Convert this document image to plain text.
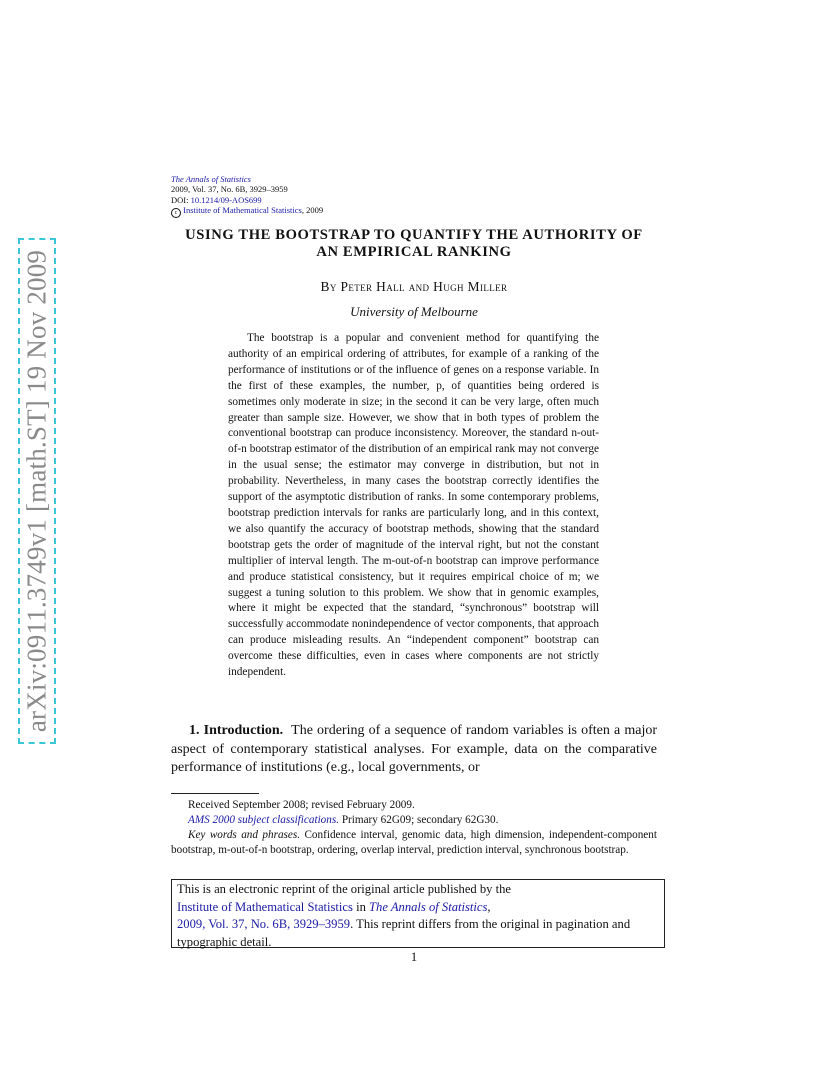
arXiv:0911.3749v1 [math.ST] 19 Nov 2009
The Annals of Statistics
2009, Vol. 37, No. 6B, 3929–3959
DOI: 10.1214/09-AOS699
c Institute of Mathematical Statistics, 2009
USING THE BOOTSTRAP TO QUANTIFY THE AUTHORITY OF
AN EMPIRICAL RANKING
By Peter Hall and Hugh Miller
University of Melbourne

The bootstrap is a popular and convenient method for quantifying the authority of an empirical ordering of attributes, for example of a ranking of the performance of institutions or of the influence of genes on a response variable. In the first of these examples, the number, p, of quantities being ordered is sometimes only moderate in size; in the second it can be very large, often much greater than sample size. However, we show that in both types of problem the conventional bootstrap can produce inconsistency. Moreover, the standard n-out-of-n bootstrap estimator of the distribution of an empirical rank may not converge in the usual sense; the estimator may converge in distribution, but not in probability. Nevertheless, in many cases the bootstrap correctly identifies the support of the asymptotic distribution of ranks. In some contemporary problems, bootstrap prediction intervals for ranks are particularly long, and in this context, we also quantify the accuracy of bootstrap methods, showing that the standard bootstrap gets the order of magnitude of the interval right, but not the constant multiplier of interval length. The m-out-of-n bootstrap can improve performance and produce statistical consistency, but it requires empirical choice of m; we suggest a tuning solution to this problem. We show that in genomic examples, where it might be expected that the standard, “synchronous” bootstrap will successfully accommodate nonindependence of vector components, that approach can produce misleading results. An “independent component” bootstrap can overcome these difficulties, even in cases where components are not strictly independent.

1. Introduction. The ordering of a sequence of random variables is often a major aspect of contemporary statistical analyses. For example, data on the comparative performance of institutions (e.g., local governments, or

Received September 2008; revised February 2009.

AMS 2000 subject classifications. Primary 62G09; secondary 62G30.

Key words and phrases. Confidence interval, genomic data, high dimension, independent-component bootstrap, m-out-of-n bootstrap, ordering, overlap interval, prediction interval, synchronous bootstrap.

This is an electronic reprint of the original article published by the
Institute of Mathematical Statistics in The Annals of Statistics,
2009, Vol. 37, No. 6B, 3929–3959. This reprint differs from the original in pagination and typographic detail.
1
